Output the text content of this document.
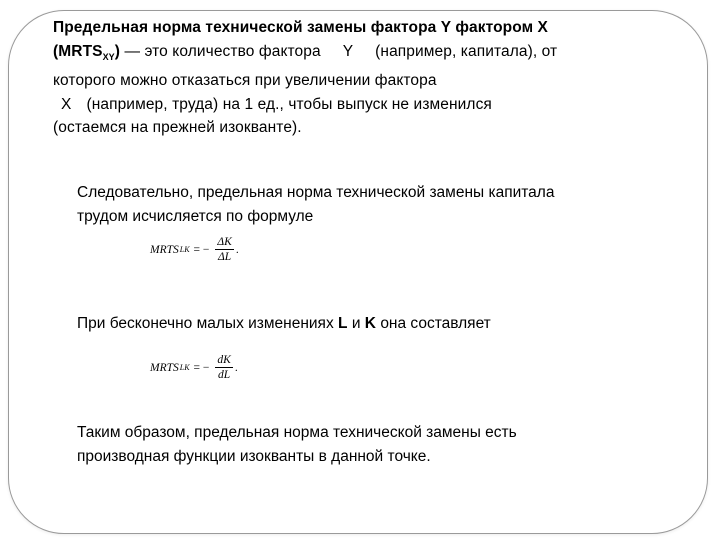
Предельная норма технической замены фактора Y фактором X
$(MRTS_{XY})$ — это количество фактора Y (например, капитала), от
которого можно отказаться при увеличении фактора
X (например, труда) на 1 ед., чтобы выпуск не изменился
(остаемся на прежней изокванте).
Следовательно, предельная норма технической замены капитала
трудом исчисляется по формуле
MRTS LK = − $\frac{\Delta K}{\Delta L}$ .
При бесконечно малых изменениях L и K она составляет
MRTS LK = − $\frac{dK}{dL}$ .
Таким образом, предельная норма технической замены есть
производная функции изокванты в данной точке.
